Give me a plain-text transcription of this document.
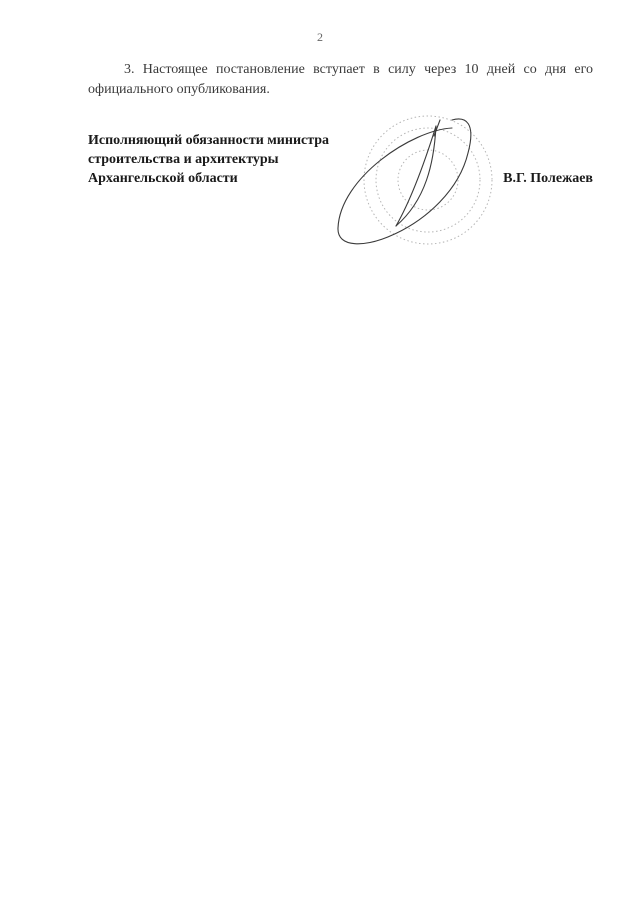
2
3. Настоящее постановление вступает в силу через 10 дней со дня его официального опубликования.
Исполняющий обязанности министра
строительства и архитектуры
Архангельской области	В.Г. Полежаев
